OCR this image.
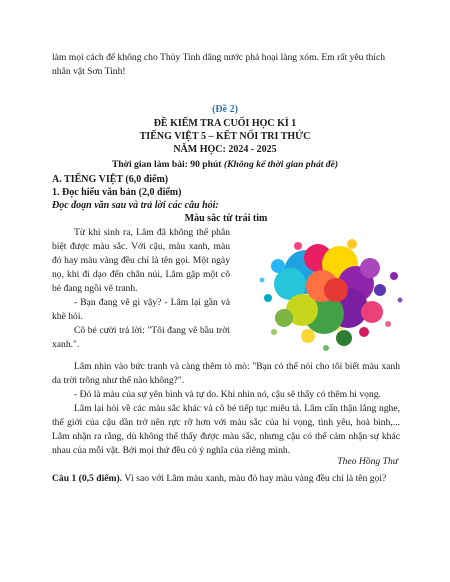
làm mọi cách để không cho Thủy Tinh dâng nước phá hoại làng xóm. Em rất yêu thích nhân vật Sơn Tinh!

(Đề 2)
ĐỀ KIỂM TRA CUỐI HỌC KÌ 1
TIẾNG VIỆT 5 – KẾT NỐI TRI THỨC
NĂM HỌC: 2024 - 2025
Thời gian làm bài: 90 phút (Không kể thời gian phát đề)
A. TIẾNG VIỆT (6,0 điểm)
1. Đọc hiểu văn bản (2,0 điểm)
Đọc đoạn văn sau và trả lời các câu hỏi:
Màu sắc từ trái tim

Từ khi sinh ra, Lâm đã không thể phân biệt được màu sắc. Với cậu, màu xanh, màu đỏ hay màu vàng đều chỉ là tên gọi. Một ngày nọ, khi đi dạo đến chân núi, Lâm gặp một cô bé đang ngồi vẽ tranh.

- Bạn đang vẽ gì vậy? - Lâm lại gần và khẽ hỏi.

Cô bé cười trả lời: "Tôi đang vẽ bầu trời xanh.".

Lâm nhìn vào bức tranh và càng thêm tò mò: "Bạn có thể nói cho tôi biết màu xanh da trời trông như thế nào không?".

- Đó là màu của sự yên bình và tự do. Khi nhìn nó, cậu sẽ thấy có thêm hi vọng.

Lâm lại hỏi về các màu sắc khác và cô bé tiếp tục miêu tả. Lâm cẩn thận lắng nghe, thế giới của cậu dần trở nên rực rỡ hơn với màu sắc của hi vọng, tình yêu, hoà bình,... Lâm nhận ra rằng, dù không thể thấy được màu sắc, nhưng cậu có thể cảm nhận sự khác nhau của mỗi vật. Bởi mọi thứ đều có ý nghĩa của riêng mình.

Theo Hồng Thư

Câu 1 (0,5 điểm). Vì sao với Lâm màu xanh, màu đỏ hay màu vàng đều chỉ là tên gọi?
